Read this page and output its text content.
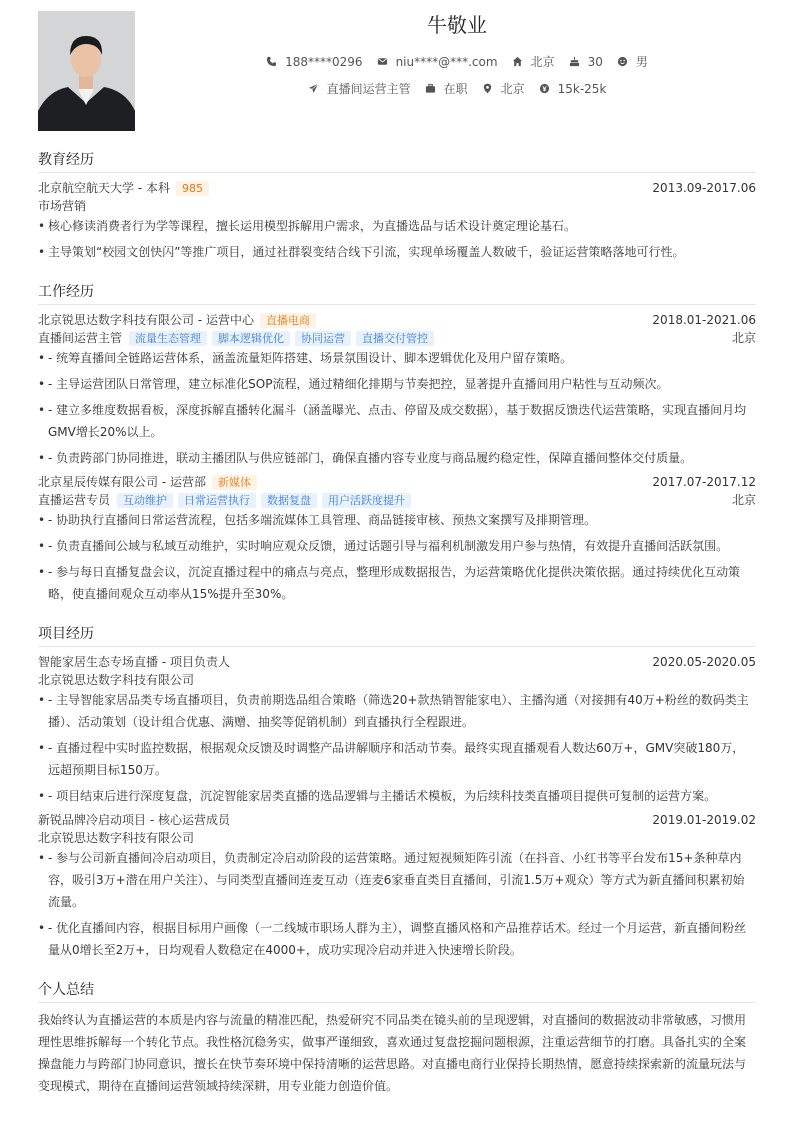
牛敬业
188****0296	niu****@***.com	北京	30	男
直播间运营主管	在职	北京	15k-25k
教育经历
北京航空航天大学 - 本科	985	2013.09-2017.06
市场营销
• 核心修读消费者行为学等课程，擅长运用模型拆解用户需求，为直播选品与话术设计奠定理论基石。
• 主导策划“校园文创快闪”等推广项目，通过社群裂变结合线下引流，实现单场覆盖人数破千，验证运营策略落地可行性。
工作经历
北京锐思达数字科技有限公司 - 运营中心	直播电商	2018.01-2021.06
直播间运营主管	流量生态管理	脚本逻辑优化	协同运营	直播交付管控	北京
• - 统筹直播间全链路运营体系，涵盖流量矩阵搭建、场景氛围设计、脚本逻辑优化及用户留存策略。
• - 主导运营团队日常管理，建立标准化SOP流程，通过精细化排期与节奏把控，显著提升直播间用户粘性与互动频次。
• - 建立多维度数据看板，深度拆解直播转化漏斗（涵盖曝光、点击、停留及成交数据），基于数据反馈迭代运营策略，实现直播间月均GMV增长20%以上。
• - 负责跨部门协同推进，联动主播团队与供应链部门，确保直播内容专业度与商品履约稳定性，保障直播间整体交付质量。
北京星辰传媒有限公司 - 运营部	新媒体	2017.07-2017.12
直播运营专员	互动维护	日常运营执行	数据复盘	用户活跃度提升	北京
• - 协助执行直播间日常运营流程，包括多端流媒体工具管理、商品链接审核、预热文案撰写及排期管理。
• - 负责直播间公域与私域互动维护，实时响应观众反馈，通过话题引导与福利机制激发用户参与热情，有效提升直播间活跃氛围。
• - 参与每日直播复盘会议，沉淀直播过程中的痛点与亮点，整理形成数据报告，为运营策略优化提供决策依据。通过持续优化互动策略，使直播间观众互动率从15%提升至30%。
项目经历
智能家居生态专场直播 - 项目负责人	2020.05-2020.05
北京锐思达数字科技有限公司
• - 主导智能家居品类专场直播项目，负责前期选品组合策略（筛选20+款热销智能家电）、主播沟通（对接拥有40万+粉丝的数码类主播）、活动策划（设计组合优惠、满赠、抽奖等促销机制）到直播执行全程跟进。
• - 直播过程中实时监控数据，根据观众反馈及时调整产品讲解顺序和活动节奏。最终实现直播观看人数达60万+，GMV突破180万，远超预期目标150万。
• - 项目结束后进行深度复盘，沉淀智能家居类直播的选品逻辑与主播话术模板，为后续科技类直播项目提供可复制的运营方案。
新锐品牌冷启动项目 - 核心运营成员	2019.01-2019.02
北京锐思达数字科技有限公司
• - 参与公司新直播间冷启动项目，负责制定冷启动阶段的运营策略。通过短视频矩阵引流（在抖音、小红书等平台发布15+条种草内容，吸引3万+潜在用户关注）、与同类型直播间连麦互动（连麦6家垂直类目直播间，引流1.5万+观众）等方式为新直播间积累初始流量。
• - 优化直播间内容，根据目标用户画像（一二线城市职场人群为主），调整直播风格和产品推荐话术。经过一个月运营，新直播间粉丝量从0增长至2万+，日均观看人数稳定在4000+，成功实现冷启动并进入快速增长阶段。
个人总结
我始终认为直播运营的本质是内容与流量的精准匹配，热爱研究不同品类在镜头前的呈现逻辑，对直播间的数据波动非常敏感，习惯用理性思维拆解每一个转化节点。我性格沉稳务实，做事严谨细致，喜欢通过复盘挖掘问题根源，注重运营细节的打磨。具备扎实的全案操盘能力与跨部门协同意识，擅长在快节奏环境中保持清晰的运营思路。对直播电商行业保持长期热情，愿意持续探索新的流量玩法与变现模式，期待在直播间运营领域持续深耕，用专业能力创造价值。
